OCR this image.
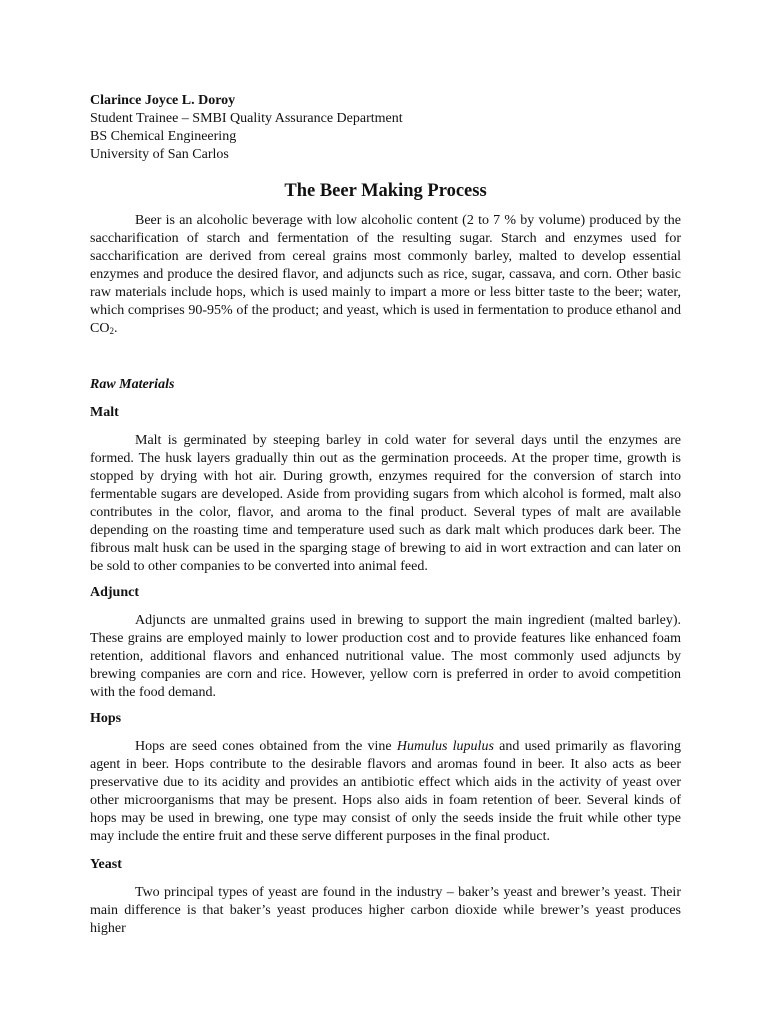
Clarince Joyce L. Doroy
Student Trainee – SMBI Quality Assurance Department
BS Chemical Engineering
University of San Carlos
The Beer Making Process

Beer is an alcoholic beverage with low alcoholic content (2 to 7 % by volume) produced by the saccharification of starch and fermentation of the resulting sugar. Starch and enzymes used for saccharification are derived from cereal grains most commonly barley, malted to develop essential enzymes and produce the desired flavor, and adjuncts such as rice, sugar, cassava, and corn. Other basic raw materials include hops, which is used mainly to impart a more or less bitter taste to the beer; water, which comprises 90-95% of the product; and yeast, which is used in fermentation to produce ethanol and $CO_2$.

Raw Materials
Malt

Malt is germinated by steeping barley in cold water for several days until the enzymes are formed. The husk layers gradually thin out as the germination proceeds. At the proper time, growth is stopped by drying with hot air. During growth, enzymes required for the conversion of starch into fermentable sugars are developed. Aside from providing sugars from which alcohol is formed, malt also contributes in the color, flavor, and aroma to the final product. Several types of malt are available depending on the roasting time and temperature used such as dark malt which produces dark beer. The fibrous malt husk can be used in the sparging stage of brewing to aid in wort extraction and can later on be sold to other companies to be converted into animal feed.

Adjunct

Adjuncts are unmalted grains used in brewing to support the main ingredient (malted barley). These grains are employed mainly to lower production cost and to provide features like enhanced foam retention, additional flavors and enhanced nutritional value. The most commonly used adjuncts by brewing companies are corn and rice. However, yellow corn is preferred in order to avoid competition with the food demand.

Hops

Hops are seed cones obtained from the vine Humulus lupulus and used primarily as flavoring agent in beer. Hops contribute to the desirable flavors and aromas found in beer. It also acts as beer preservative due to its acidity and provides an antibiotic effect which aids in the activity of yeast over other microorganisms that may be present. Hops also aids in foam retention of beer. Several kinds of hops may be used in brewing, one type may consist of only the seeds inside the fruit while other type may include the entire fruit and these serve different purposes in the final product.

Yeast

Two principal types of yeast are found in the industry – baker’s yeast and brewer’s yeast. Their main difference is that baker’s yeast produces higher carbon dioxide while brewer’s yeast produces higher
